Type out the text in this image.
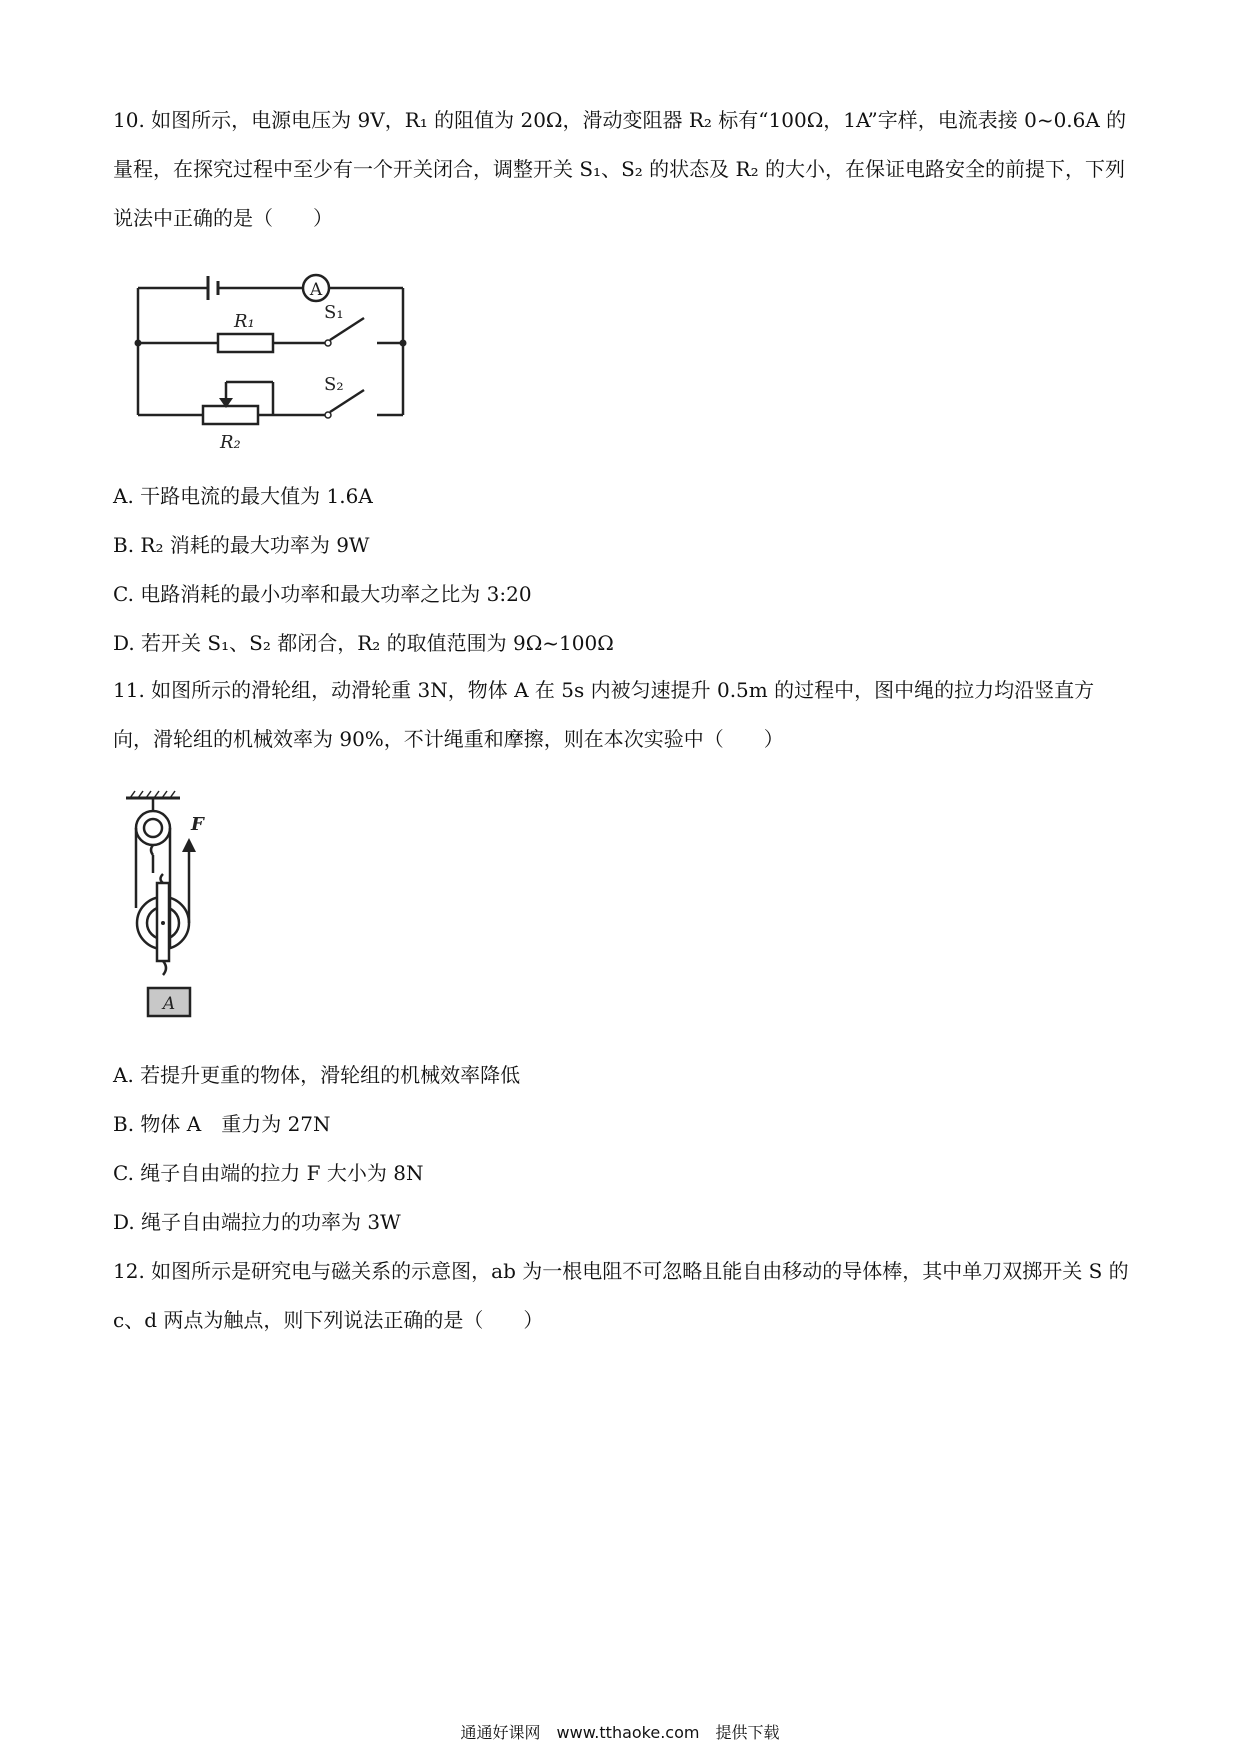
10. 如图所示，电源电压为 9V，R₁ 的阻值为 20Ω，滑动变阻器 R₂ 标有“100Ω，1A”字样，电流表接 0~0.6A 的量程，在探究过程中至少有一个开关闭合，调整开关 S₁、S₂ 的状态及 R₂ 的大小，在保证电路安全的前提下，下列说法中正确的是（　　）

A
R₁	S₁
S₂
R₂

A. 干路电流的最大值为 1.6A

B. R₂ 消耗的最大功率为 9W

C. 电路消耗的最小功率和最大功率之比为 3:20

D. 若开关 S₁、S₂ 都闭合，R₂ 的取值范围为 9Ω~100Ω

11. 如图所示的滑轮组，动滑轮重 3N，物体 A 在 5s 内被匀速提升 0.5m 的过程中，图中绳的拉力均沿竖直方向，滑轮组的机械效率为 90%，不计绳重和摩擦，则在本次实验中（　　）

A
F

A. 若提升更重的物体，滑轮组的机械效率降低

B. 物体 A　重力为 27N

C. 绳子自由端的拉力 F 大小为 8N

D. 绳子自由端拉力的功率为 3W

12. 如图所示是研究电与磁关系的示意图，ab 为一根电阻不可忽略且能自由移动的导体棒，其中单刀双掷开关 S 的 c、d 两点为触点，则下列说法正确的是（　　）

通通好课网　www.tthaoke.com　提供下载
